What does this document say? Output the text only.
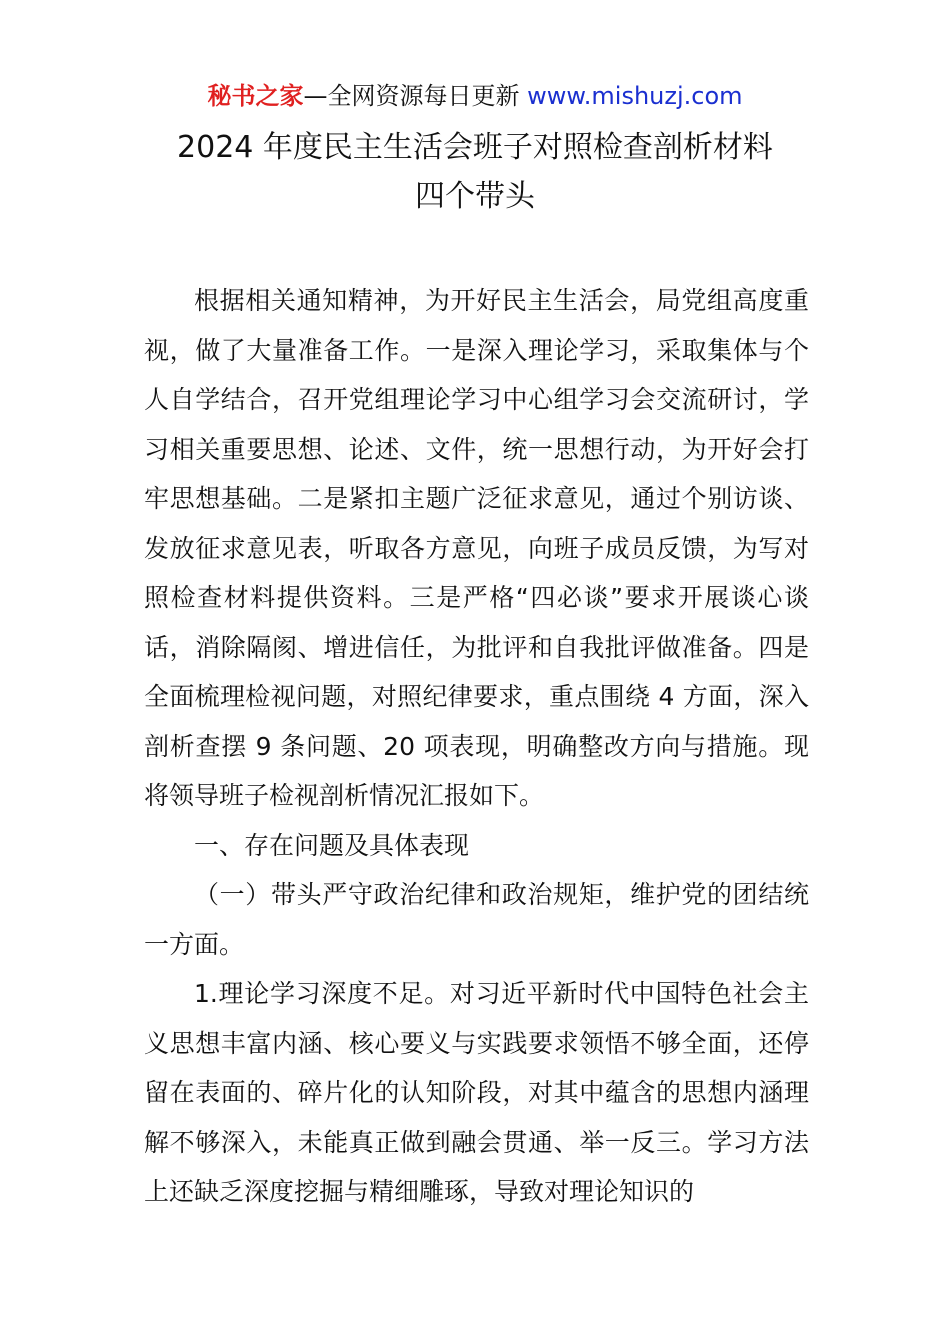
秘书之家—全网资源每日更新 www.mishuzj.com
2024 年度民主生活会班子对照检查剖析材料
四个带头

根据相关通知精神，为开好民主生活会，局党组高度重视，做了大量准备工作。一是深入理论学习，采取集体与个人自学结合，召开党组理论学习中心组学习会交流研讨，学习相关重要思想、论述、文件，统一思想行动，为开好会打牢思想基础。二是紧扣主题广泛征求意见，通过个别访谈、发放征求意见表，听取各方意见，向班子成员反馈，为写对照检查材料提供资料。三是严格“四必谈”要求开展谈心谈话，消除隔阂、增进信任，为批评和自我批评做准备。四是全面梳理检视问题，对照纪律要求，重点围绕 4 方面，深入剖析查摆 9 条问题、20 项表现，明确整改方向与措施。现将领导班子检视剖析情况汇报如下。

一、存在问题及具体表现

（一）带头严守政治纪律和政治规矩，维护党的团结统一方面。

1.理论学习深度不足。对习近平新时代中国特色社会主义思想丰富内涵、核心要义与实践要求领悟不够全面，还停留在表面的、碎片化的认知阶段，对其中蕴含的思想内涵理解不够深入，未能真正做到融会贯通、举一反三。学习方法上还缺乏深度挖掘与精细雕琢，导致对理论知识的
